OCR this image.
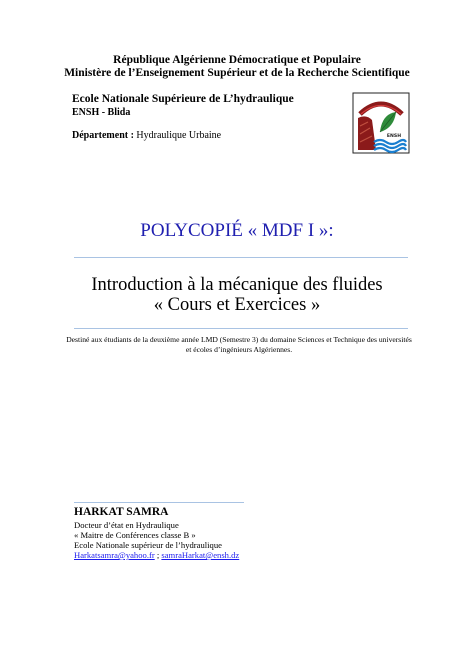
République Algérienne Démocratique et Populaire
Ministère de l’Enseignement Supérieur et de la Recherche Scientifique
Ecole Nationale Supérieure de L’hydraulique
ENSH - Blida
Département : Hydraulique Urbaine	ENSH
POLYCOPIÉ « MDF I »:
Introduction à la mécanique des fluides
« Cours et Exercices »
Destiné aux étudiants de la deuxième année LMD (Semestre 3) du domaine Sciences et Technique des universités et écoles d’ingénieurs Algériennes.
HARKAT SAMRA
Docteur d’état en Hydraulique
« Maitre de Conférences classe B »
Ecole Nationale supérieur de l’hydraulique
Harkatsamra@yahoo.fr ; samraHarkat@ensh.dz
